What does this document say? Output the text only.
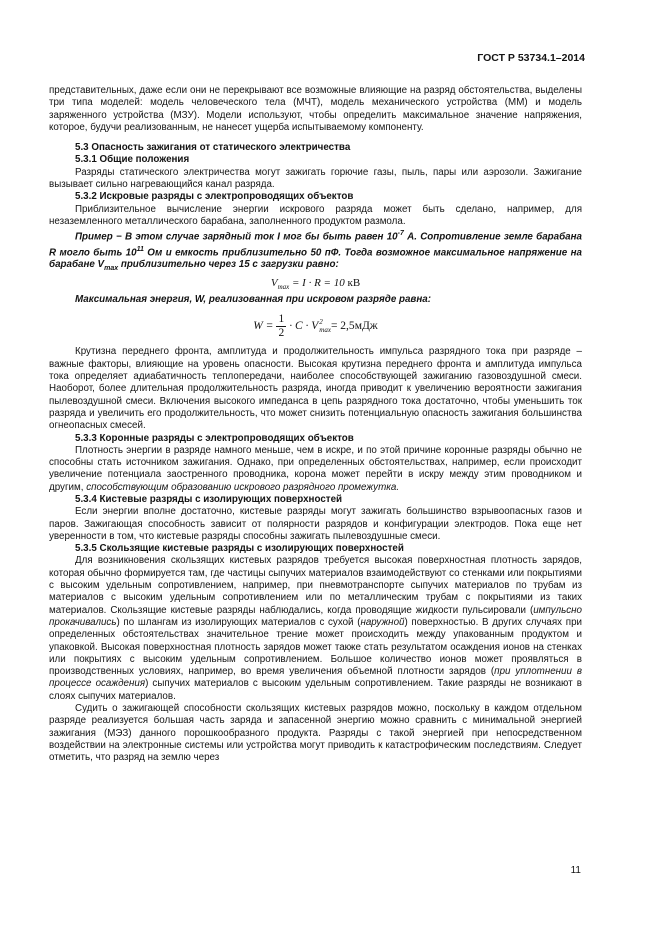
ГОСТ Р 53734.1–2014

представительных, даже если они не перекрывают все возможные влияющие на разряд обстоятельства, выделены три типа моделей: модель человеческого тела (МЧТ), модель механического устройства (ММ) и модель заряженного устройства (МЗУ). Модели используют, чтобы определить максимальное значение напряжения, которое, будучи реализованным, не нанесет ущерба испытываемому компоненту.

5.3 Опасность зажигания от статического электричества
5.3.1 Общие положения

Разряды статического электричества могут зажигать горючие газы, пыль, пары или аэрозоли. Зажигание вызывает сильно нагревающийся канал разряда.

5.3.2 Искровые разряды с электропроводящих объектов

Приблизительное вычисление энергии искрового разряда может быть сделано, например, для незаземленного металлического барабана, заполненного продуктом размола.

Пример − В этом случае зарядный ток I мог бы быть равен $10^{-7}$ А. Сопротивление земле барабана R могло быть $10^{11}$ Ом и емкость приблизительно 50 пФ. Тогда возможное максимальное напряжение на барабане $V_{max}$ приблизительно через 15 с загрузки равно:

$V_{max} = I \cdot R = 10$ кВ

Максимальная энергия, W, реализованная при искровом разряде равна:

$W = \frac{1}{2} \cdot C \cdot V$ 2
max = 2,5 мДж

Крутизна переднего фронта, амплитуда и продолжительность импульса разрядного тока при разряде – важные факторы, влияющие на уровень опасности. Высокая крутизна переднего фронта и амплитуда импульса тока определяет адиабатичность теплопередачи, наиболее способствующей зажиганию газовоздушной смеси. Наоборот, более длительная продолжительность разряда, иногда приводит к увеличению вероятности зажигания пылевоздушной смеси. Включения высокого импеданса в цепь разрядного тока достаточно, чтобы уменьшить ток разряда и увеличить его продолжительность, что может снизить потенциальную опасность зажигания большинства огнеопасных смесей.

5.3.3 Коронные разряды с электропроводящих объектов

Плотность энергии в разряде намного меньше, чем в искре, и по этой причине коронные разряды обычно не способны стать источником зажигания. Однако, при определенных обстоятельствах, например, если происходит увеличение потенциала заостренного проводника, корона может перейти в искру между этим проводником и другим, способствующим образованию искрового разрядного промежутка.

5.3.4 Кистевые разряды с изолирующих поверхностей

Если энергии вполне достаточно, кистевые разряды могут зажигать большинство взрывоопасных газов и паров. Зажигающая способность зависит от полярности разрядов и конфигурации электродов. Пока еще нет уверенности в том, что кистевые разряды способны зажигать пылевоздушные смеси.

5.3.5 Скользящие кистевые разряды с изолирующих поверхностей

Для возникновения скользящих кистевых разрядов требуется высокая поверхностная плотность зарядов, которая обычно формируется там, где частицы сыпучих материалов взаимодействуют со стенками или покрытиями с высоким удельным сопротивлением, например, при пневмотранспорте сыпучих материалов по трубам из материалов с высоким удельным сопротивлением или по металлическим трубам с покрытиями из таких материалов. Скользящие кистевые разряды наблюдались, когда проводящие жидкости пульсировали (импульсно прокачивались) по шлангам из изолирующих материалов с сухой (наружной) поверхностью. В других случаях при определенных обстоятельствах значительное трение может происходить между упакованным продуктом и упаковкой. Высокая поверхностная плотность зарядов может также стать результатом осаждения ионов на стенках или покрытиях с высоким удельным сопротивлением. Большое количество ионов может проявляться в производственных условиях, например, во время увеличения объемной плотности зарядов (при уплотнении в процессе осаждения) сыпучих материалов с высоким удельным сопротивлением. Такие разряды не возникают в слоях сыпучих материалов.

Судить о зажигающей способности скользящих кистевых разрядов можно, поскольку в каждом отдельном разряде реализуется большая часть заряда и запасенной энергию можно сравнить с минимальной энергией зажигания (МЭЗ) данного порошкообразного продукта. Разряды с такой энергией при непосредственном воздействии на электронные системы или устройства могут приводить к катастрофическим последствиям. Следует отметить, что разряд на землю через

11
